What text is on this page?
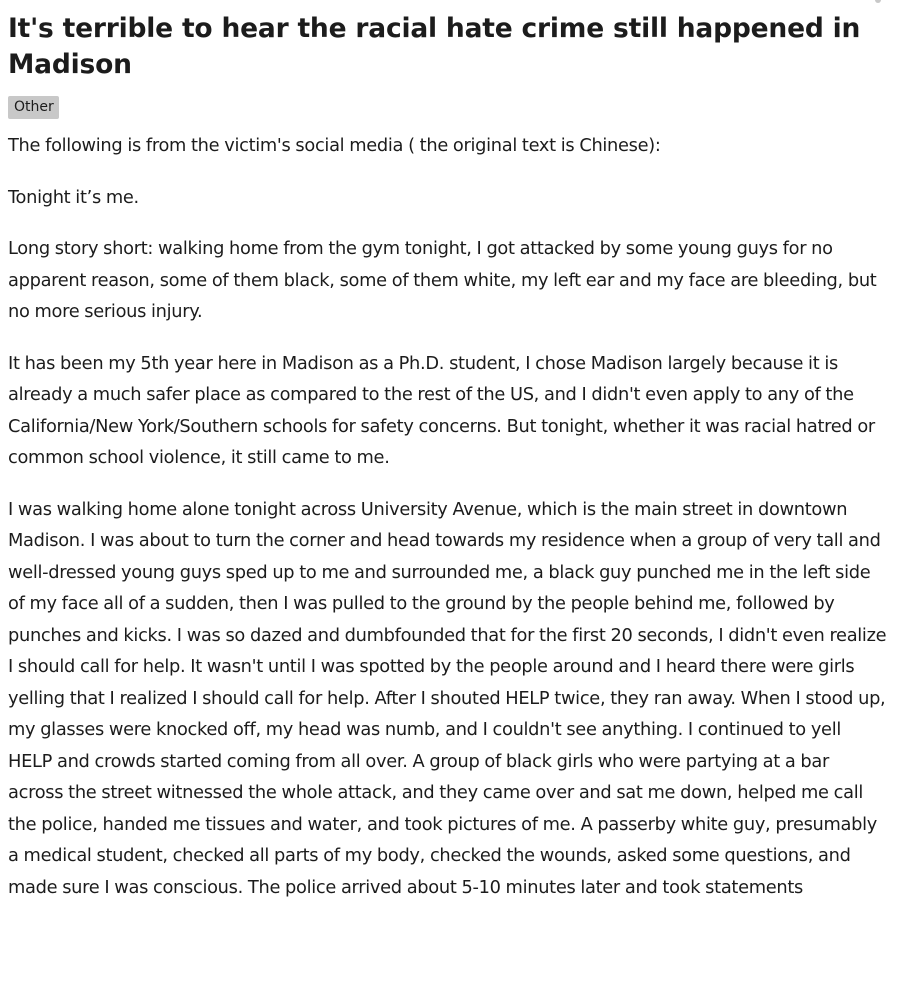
It's terrible to hear the racial hate crime still happened in Madison
Other

The following is from the victim's social media ( the original text is Chinese):

Tonight it’s me.

Long story short: walking home from the gym tonight, I got attacked by some young guys for no apparent reason, some of them black, some of them white, my left ear and my face are bleeding, but no more serious injury.

It has been my 5th year here in Madison as a Ph.D. student, I chose Madison largely because it is already a much safer place as compared to the rest of the US, and I didn't even apply to any of the California/New York/Southern schools for safety concerns. But tonight, whether it was racial hatred or common school violence, it still came to me.

I was walking home alone tonight across University Avenue, which is the main street in downtown Madison. I was about to turn the corner and head towards my residence when a group of very tall and well-dressed young guys sped up to me and surrounded me, a black guy punched me in the left side of my face all of a sudden, then I was pulled to the ground by the people behind me, followed by punches and kicks. I was so dazed and dumbfounded that for the first 20 seconds, I didn't even realize I should call for help. It wasn't until I was spotted by the people around and I heard there were girls yelling that I realized I should call for help. After I shouted HELP twice, they ran away. When I stood up, my glasses were knocked off, my head was numb, and I couldn't see anything. I continued to yell HELP and crowds started coming from all over. A group of black girls who were partying at a bar across the street witnessed the whole attack, and they came over and sat me down, helped me call the police, handed me tissues and water, and took pictures of me. A passerby white guy, presumably a medical student, checked all parts of my body, checked the wounds, asked some questions, and made sure I was conscious. The police arrived about 5-10 minutes later and took statements
